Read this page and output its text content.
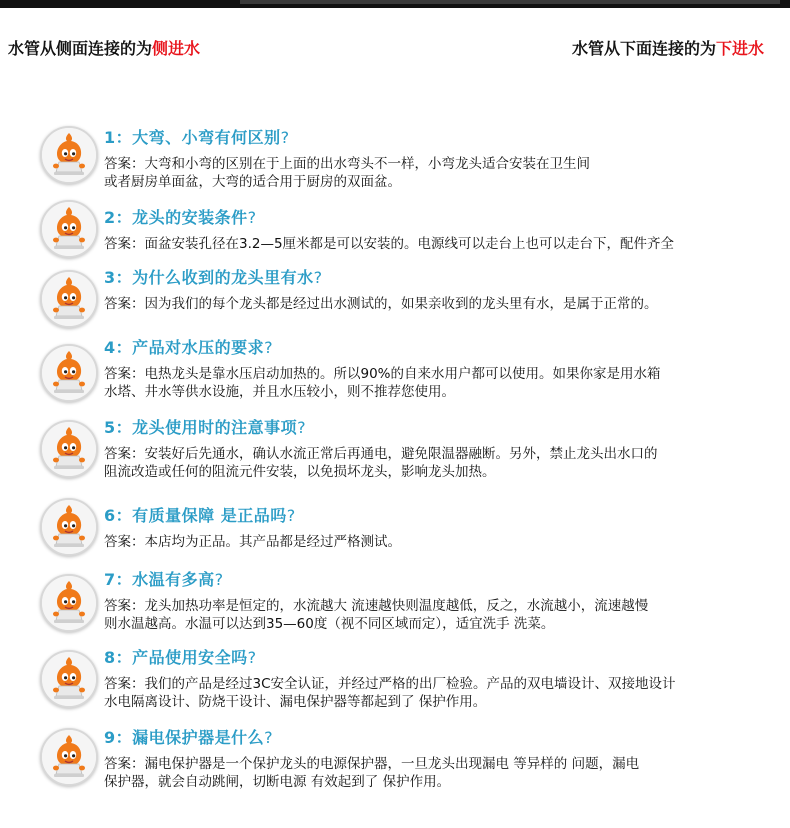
水管从侧面连接的为侧进水	水管从下面连接的为下进水
1：大弯、小弯有何区别?

答案：大弯和小弯的区别在于上面的出水弯头不一样，小弯龙头适合安装在卫生间

或者厨房单面盆，大弯的适合用于厨房的双面盆。

2：龙头的安装条件?

答案：面盆安装孔径在3.2—5厘米都是可以安装的。电源线可以走台上也可以走台下，配件齐全

3：为什么收到的龙头里有水?

答案：因为我们的每个龙头都是经过出水测试的，如果亲收到的龙头里有水，是属于正常的。

4：产品对水压的要求?

答案：电热龙头是靠水压启动加热的。所以90%的自来水用户都可以使用。如果你家是用水箱

水塔、井水等供水设施，并且水压较小，则不推荐您使用。

5：龙头使用时的注意事项?

答案：安装好后先通水，确认水流正常后再通电，避免限温器融断。另外，禁止龙头出水口的

阻流改造或任何的阻流元件安装，以免损坏龙头，影响龙头加热。

6：有质量保障 是正品吗?

答案：本店均为正品。其产品都是经过严格测试。

7：水温有多高?

答案：龙头加热功率是恒定的，水流越大 流速越快则温度越低，反之，水流越小，流速越慢

则水温越高。水温可以达到35—60度（视不同区域而定），适宜洗手 洗菜。

8：产品使用安全吗?

答案：我们的产品是经过3C安全认证，并经过严格的出厂检验。产品的双电墙设计、双接地设计

水电隔离设计、防烧干设计、漏电保护器等都起到了 保护作用。

9：漏电保护器是什么?

答案：漏电保护器是一个保护龙头的电源保护器，一旦龙头出现漏电 等异样的 问题，漏电

保护器，就会自动跳闸，切断电源 有效起到了 保护作用。
